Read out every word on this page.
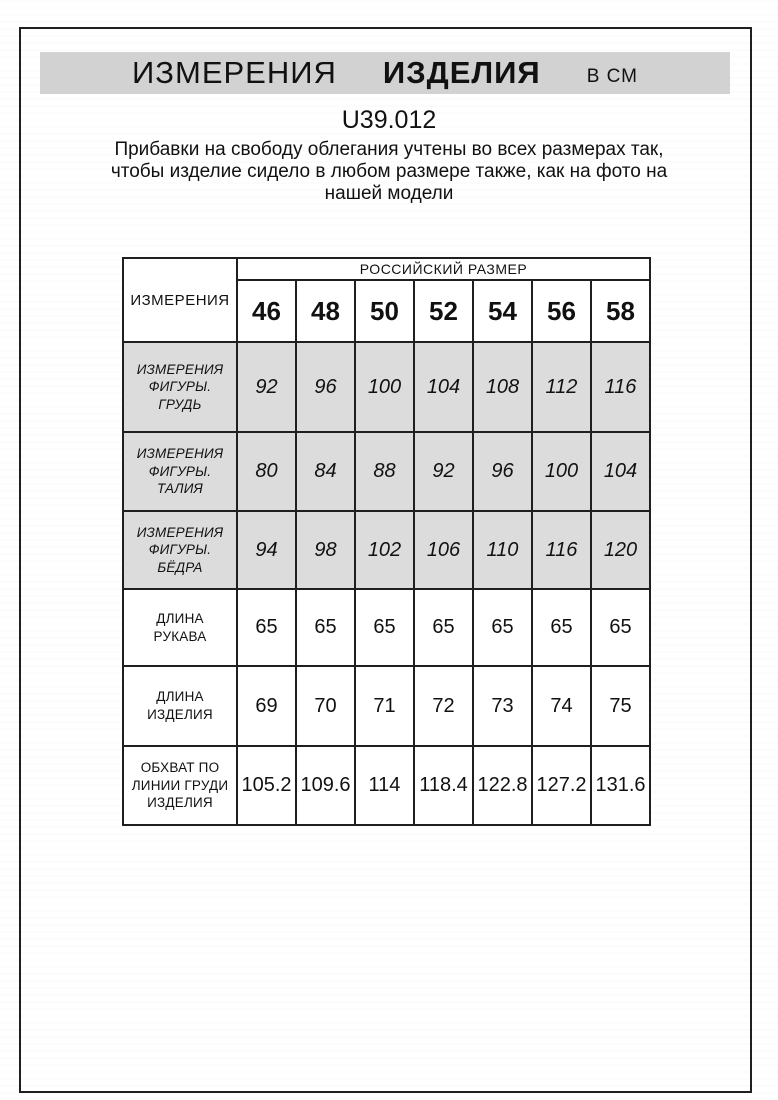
ИЗМЕРЕНИЯ ИЗДЕЛИЯ В СМ
U39.012
Прибавки на свободу облегания учтены во всех размерах так,
чтобы изделие сидело в любом размере также, как на фото на
нашей модели
ИЗМЕРЕНИЯ	РОССИЙСКИЙ РАЗМЕР						
	46	48	50	52	54	56	58
ИЗМЕРЕНИЯ ФИГУРЫ. ГРУДЬ	92	96	100	104	108	112	116
ИЗМЕРЕНИЯ ФИГУРЫ. ТАЛИЯ	80	84	88	92	96	100	104
ИЗМЕРЕНИЯ ФИГУРЫ. БЁДРА	94	98	102	106	110	116	120
ДЛИНА РУКАВА	65	65	65	65	65	65	65
ДЛИНА ИЗДЕЛИЯ	69	70	71	72	73	74	75
ОБХВАТ ПО ЛИНИИ ГРУДИ ИЗДЕЛИЯ	105.2	109.6	114	118.4	122.8	127.2	131.6
